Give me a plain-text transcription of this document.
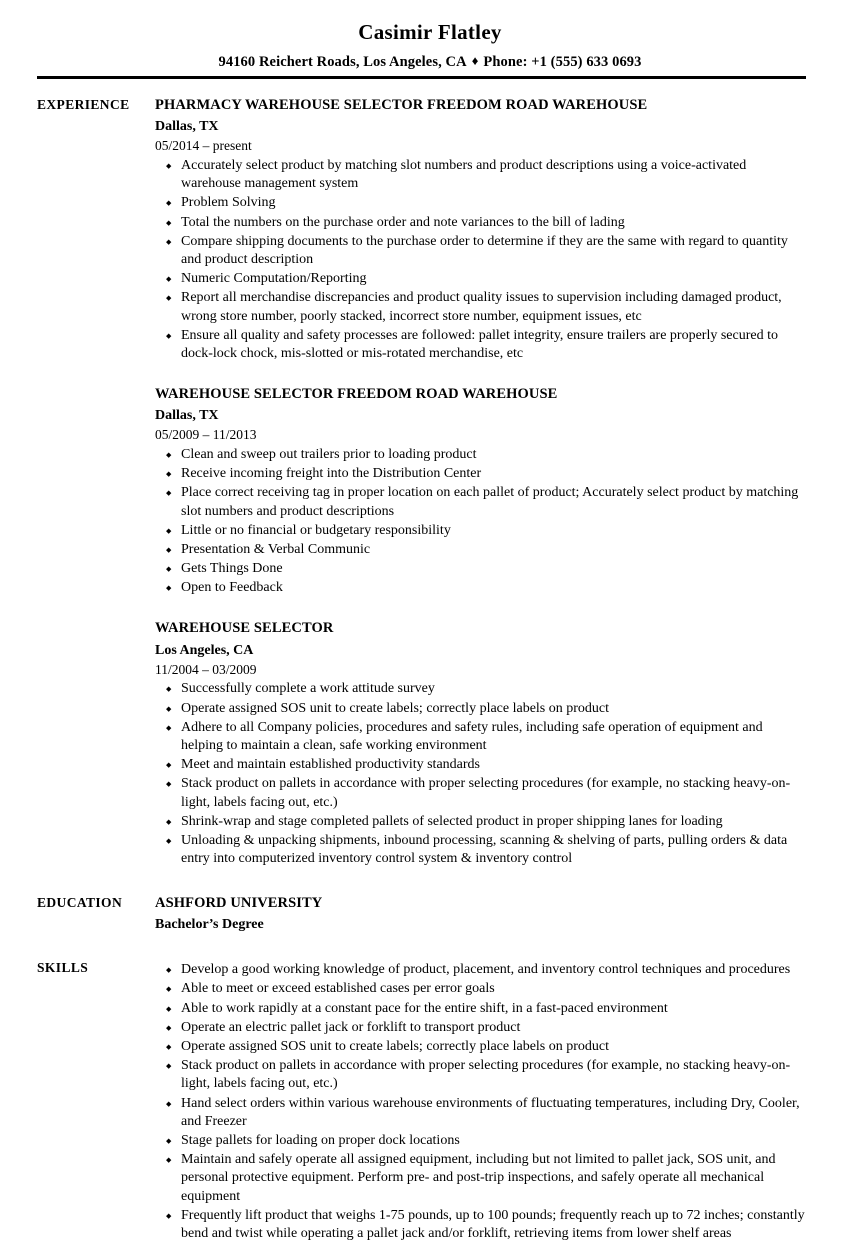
Casimir Flatley
94160 Reichert Roads, Los Angeles, CA ♦ Phone: +1 (555) 633 0693
EXPERIENCE	PHARMACY WAREHOUSE SELECTOR FREEDOM ROAD WAREHOUSE
Dallas, TX
05/2014 – present
◆ Accurately select product by matching slot numbers and product descriptions using a voice-activated warehouse management system
◆ Problem Solving
◆ Total the numbers on the purchase order and note variances to the bill of lading
◆ Compare shipping documents to the purchase order to determine if they are the same with regard to quantity and product description
◆ Numeric Computation/Reporting
◆ Report all merchandise discrepancies and product quality issues to supervision including damaged product, wrong store number, poorly stacked, incorrect store number, equipment issues, etc
◆ Ensure all quality and safety processes are followed: pallet integrity, ensure trailers are properly secured to dock-lock chock, mis-slotted or mis-rotated merchandise, etc
WAREHOUSE SELECTOR FREEDOM ROAD WAREHOUSE
Dallas, TX
05/2009 – 11/2013
◆ Clean and sweep out trailers prior to loading product
◆ Receive incoming freight into the Distribution Center
◆ Place correct receiving tag in proper location on each pallet of product; Accurately select product by matching slot numbers and product descriptions
◆ Little or no financial or budgetary responsibility
◆ Presentation & Verbal Communic
◆ Gets Things Done
◆ Open to Feedback
WAREHOUSE SELECTOR
Los Angeles, CA
11/2004 – 03/2009
◆ Successfully complete a work attitude survey
◆ Operate assigned SOS unit to create labels; correctly place labels on product
◆ Adhere to all Company policies, procedures and safety rules, including safe operation of equipment and helping to maintain a clean, safe working environment
◆ Meet and maintain established productivity standards
◆ Stack product on pallets in accordance with proper selecting procedures (for example, no stacking heavy-on-light, labels facing out, etc.)
◆ Shrink-wrap and stage completed pallets of selected product in proper shipping lanes for loading
◆ Unloading & unpacking shipments, inbound processing, scanning & shelving of parts, pulling orders & data entry into computerized inventory control system & inventory control
EDUCATION	ASHFORD UNIVERSITY
Bachelor’s Degree
SKILLS	◆ Develop a good working knowledge of product, placement, and inventory control techniques and procedures
◆ Able to meet or exceed established cases per error goals
◆ Able to work rapidly at a constant pace for the entire shift, in a fast-paced environment
◆ Operate an electric pallet jack or forklift to transport product
◆ Operate assigned SOS unit to create labels; correctly place labels on product
◆ Stack product on pallets in accordance with proper selecting procedures (for example, no stacking heavy-on-light, labels facing out, etc.)
◆ Hand select orders within various warehouse environments of fluctuating temperatures, including Dry, Cooler, and Freezer
◆ Stage pallets for loading on proper dock locations
◆ Maintain and safely operate all assigned equipment, including but not limited to pallet jack, SOS unit, and personal protective equipment. Perform pre- and post-trip inspections, and safely operate all mechanical equipment
◆ Frequently lift product that weighs 1-75 pounds, up to 100 pounds; frequently reach up to 72 inches; constantly bend and twist while operating a pallet jack and/or forklift, retrieving items from lower shelf areas
